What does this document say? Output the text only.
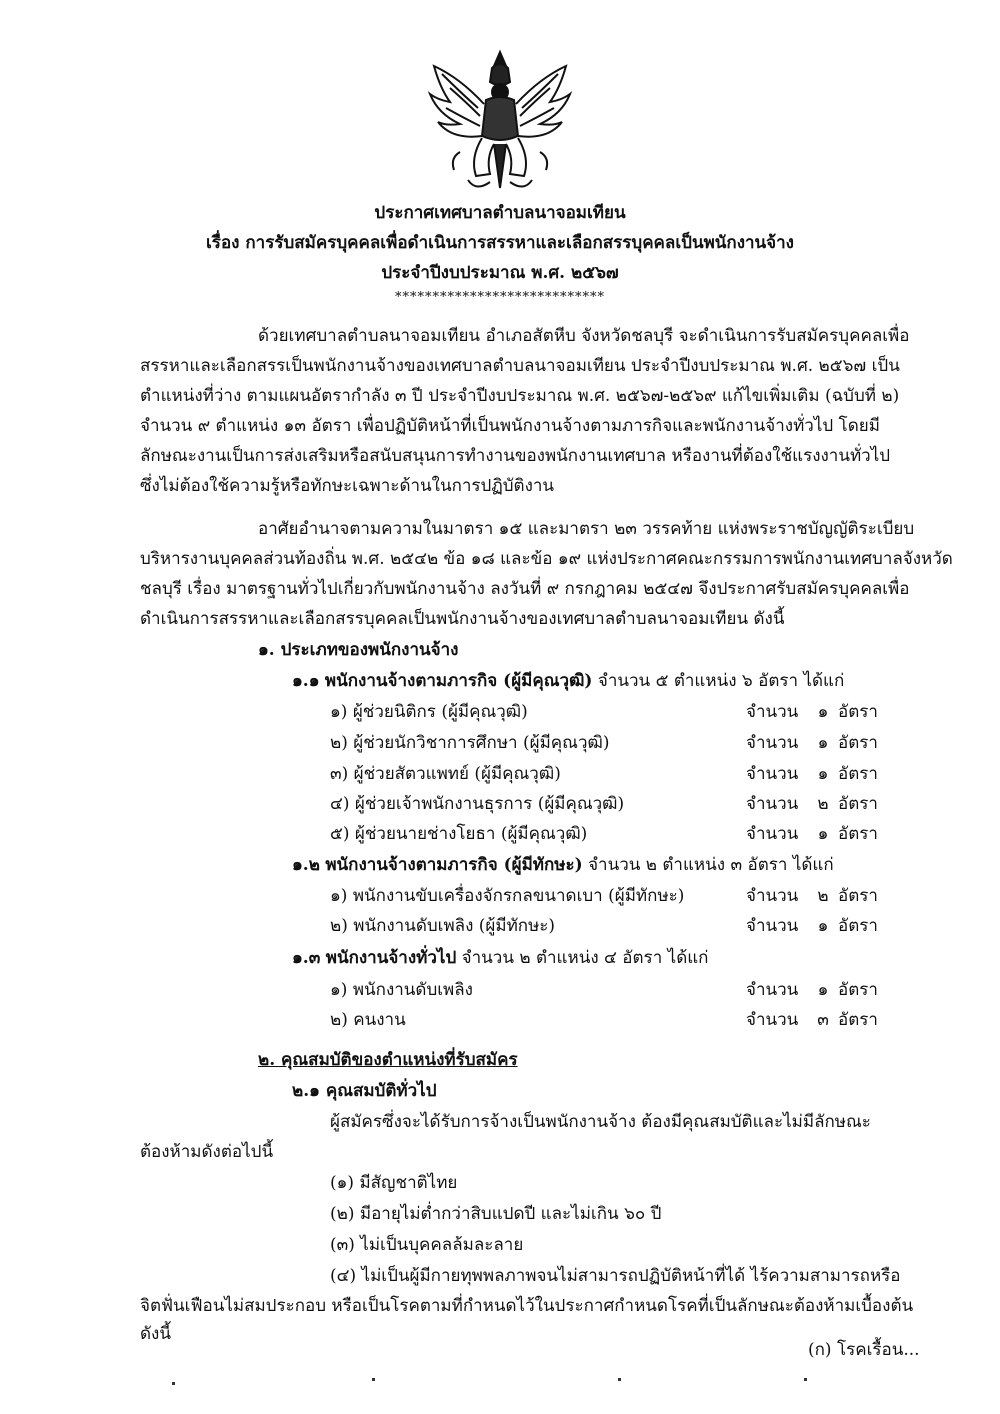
ประกาศเทศบาลตำบลนาจอมเทียน
เรื่อง การรับสมัครบุคคลเพื่อดำเนินการสรรหาและเลือกสรรบุคคลเป็นพนักงานจ้าง
ประจำปีงบประมาณ พ.ศ. ๒๕๖๗
****************************
ด้วยเทศบาลตำบลนาจอมเทียน อำเภอสัตหีบ จังหวัดชลบุรี จะดำเนินการรับสมัครบุคคลเพื่อ
สรรหาและเลือกสรรเป็นพนักงานจ้างของเทศบาลตำบลนาจอมเทียน ประจำปีงบประมาณ พ.ศ. ๒๕๖๗ เป็น
ตำแหน่งที่ว่าง ตามแผนอัตรากำลัง ๓ ปี ประจำปีงบประมาณ พ.ศ. ๒๕๖๗-๒๕๖๙ แก้ไขเพิ่มเติม (ฉบับที่ ๒)
จำนวน ๙ ตำแหน่ง ๑๓ อัตรา เพื่อปฏิบัติหน้าที่เป็นพนักงานจ้างตามภารกิจและพนักงานจ้างทั่วไป โดยมี
ลักษณะงานเป็นการส่งเสริมหรือสนับสนุนการทำงานของพนักงานเทศบาล หรืองานที่ต้องใช้แรงงานทั่วไป
ซึ่งไม่ต้องใช้ความรู้หรือทักษะเฉพาะด้านในการปฏิบัติงาน
อาศัยอำนาจตามความในมาตรา ๑๕ และมาตรา ๒๓ วรรคท้าย แห่งพระราชบัญญัติระเบียบ
บริหารงานบุคคลส่วนท้องถิ่น พ.ศ. ๒๕๔๒ ข้อ ๑๘ และข้อ ๑๙ แห่งประกาศคณะกรรมการพนักงานเทศบาลจังหวัด
ชลบุรี เรื่อง มาตรฐานทั่วไปเกี่ยวกับพนักงานจ้าง ลงวันที่ ๙ กรกฎาคม ๒๕๔๗ จึงประกาศรับสมัครบุคคลเพื่อ
ดำเนินการสรรหาและเลือกสรรบุคคลเป็นพนักงานจ้างของเทศบาลตำบลนาจอมเทียน ดังนี้
๑. ประเภทของพนักงานจ้าง
๑.๑ พนักงานจ้างตามภารกิจ (ผู้มีคุณวุฒิ) จำนวน ๕ ตำแหน่ง ๖ อัตรา ได้แก่
๑) ผู้ช่วยนิติกร (ผู้มีคุณวุฒิ)	จำนวน ๑ อัตรา
๒) ผู้ช่วยนักวิชาการศึกษา (ผู้มีคุณวุฒิ)	จำนวน ๑ อัตรา
๓) ผู้ช่วยสัตวแพทย์ (ผู้มีคุณวุฒิ)	จำนวน ๑ อัตรา
๔) ผู้ช่วยเจ้าพนักงานธุรการ (ผู้มีคุณวุฒิ)	จำนวน ๒ อัตรา
๕) ผู้ช่วยนายช่างโยธา (ผู้มีคุณวุฒิ)	จำนวน ๑ อัตรา
๑.๒ พนักงานจ้างตามภารกิจ (ผู้มีทักษะ) จำนวน ๒ ตำแหน่ง ๓ อัตรา ได้แก่
๑) พนักงานขับเครื่องจักรกลขนาดเบา (ผู้มีทักษะ)	จำนวน ๒ อัตรา
๒) พนักงานดับเพลิง (ผู้มีทักษะ)	จำนวน ๑ อัตรา
๑.๓ พนักงานจ้างทั่วไป จำนวน ๒ ตำแหน่ง ๔ อัตรา ได้แก่
๑) พนักงานดับเพลิง	จำนวน ๑ อัตรา
๒) คนงาน	จำนวน ๓ อัตรา
๒. คุณสมบัติของตำแหน่งที่รับสมัคร
๒.๑ คุณสมบัติทั่วไป
ผู้สมัครซึ่งจะได้รับการจ้างเป็นพนักงานจ้าง ต้องมีคุณสมบัติและไม่มีลักษณะ
ต้องห้ามดังต่อไปนี้
(๑) มีสัญชาติไทย
(๒) มีอายุไม่ต่ำกว่าสิบแปดปี และไม่เกิน ๖๐ ปี
(๓) ไม่เป็นบุคคลล้มละลาย
(๔) ไม่เป็นผู้มีกายทุพพลภาพจนไม่สามารถปฏิบัติหน้าที่ได้ ไร้ความสามารถหรือ
จิตฟั่นเฟือนไม่สมประกอบ หรือเป็นโรคตามที่กำหนดไว้ในประกาศกำหนดโรคที่เป็นลักษณะต้องห้ามเบื้องต้น
ดังนี้
(ก) โรคเรื้อน...
